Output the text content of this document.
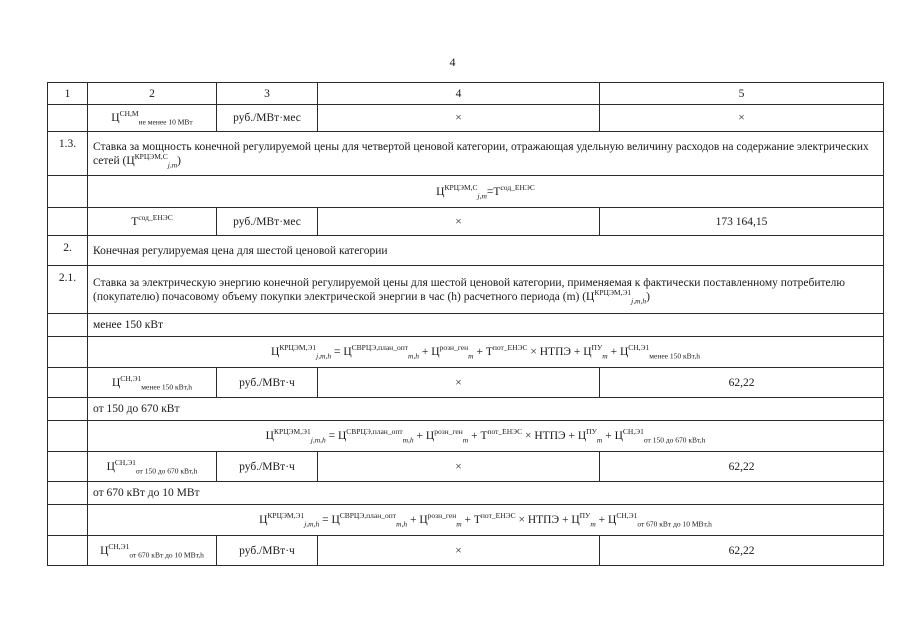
4
1	2	3	4	5
	$Ц^{СН,М}_{не менее 10 МВт}$	руб./МВт·мес	×	×
1.3.	Ставка за мощность конечной регулируемой цены для четвертой ценовой категории, отражающая удельную величину расходов на содержание электрических сетей $(Ц^{КРЦЭМ,С}_{j,m})$			
	$Ц^{КРЦЭМ,С}_{j,m}=Т^{сод\_ЕНЭС}$
	$Т^{сод\_ЕНЭС}$	руб./МВт·мес	×	173 164,15
2.	Конечная регулируемая цена для шестой ценовой категории			
2.1.	Ставка за электрическую энергию конечной регулируемой цены для шестой ценовой категории, применяемая к фактически поставленному потребителю (покупателю) почасовому объему покупки электрической энергии в час (h) расчетного периода (m) $(Ц^{КРЦЭМ,Э1}_{j,m,h})$			
	менее 150 кВт			
	$Ц^{КРЦЭМ,Э1}_{j,m,h} = Ц^{СВРЦЭ,план\_опт}_{m,h} + Ц^{розн\_ген}_m + Т^{пот\_ЕНЭС}$ × НТПЭ + $Ц^{ПУ}_m + Ц^{СН,Э1}_{менее 150 кВт,h}$
	$Ц^{СН,Э1}_{менее 150 кВт,h}$	руб./МВт·ч	×	62,22
	от 150 до 670 кВт			
	$Ц^{КРЦЭМ,Э1}_{j,m,h} = Ц^{СВРЦЭ,план\_опт}_{m,h} + Ц^{розн\_ген}_m + Т^{пот\_ЕНЭС}$ × НТПЭ + $Ц^{ПУ}_m + Ц^{СН,Э1}_{от 150 до 670 кВт,h}$
	$Ц^{СН,Э1}_{от 150 до 670 кВт,h}$	руб./МВт·ч	×	62,22
	от 670 кВт до 10 МВт			
	$Ц^{КРЦЭМ,Э1}_{j,m,h} = Ц^{СВРЦЭ,план\_опт}_{m,h} + Ц^{розн\_ген}_m + Т^{пот\_ЕНЭС}$ × НТПЭ + $Ц^{ПУ}_m + Ц^{СН,Э1}_{от 670 кВт до 10 МВт,h}$
	$Ц^{СН,Э1}_{от 670 кВт до 10 МВт,h}$	руб./МВт·ч	×	62,22
